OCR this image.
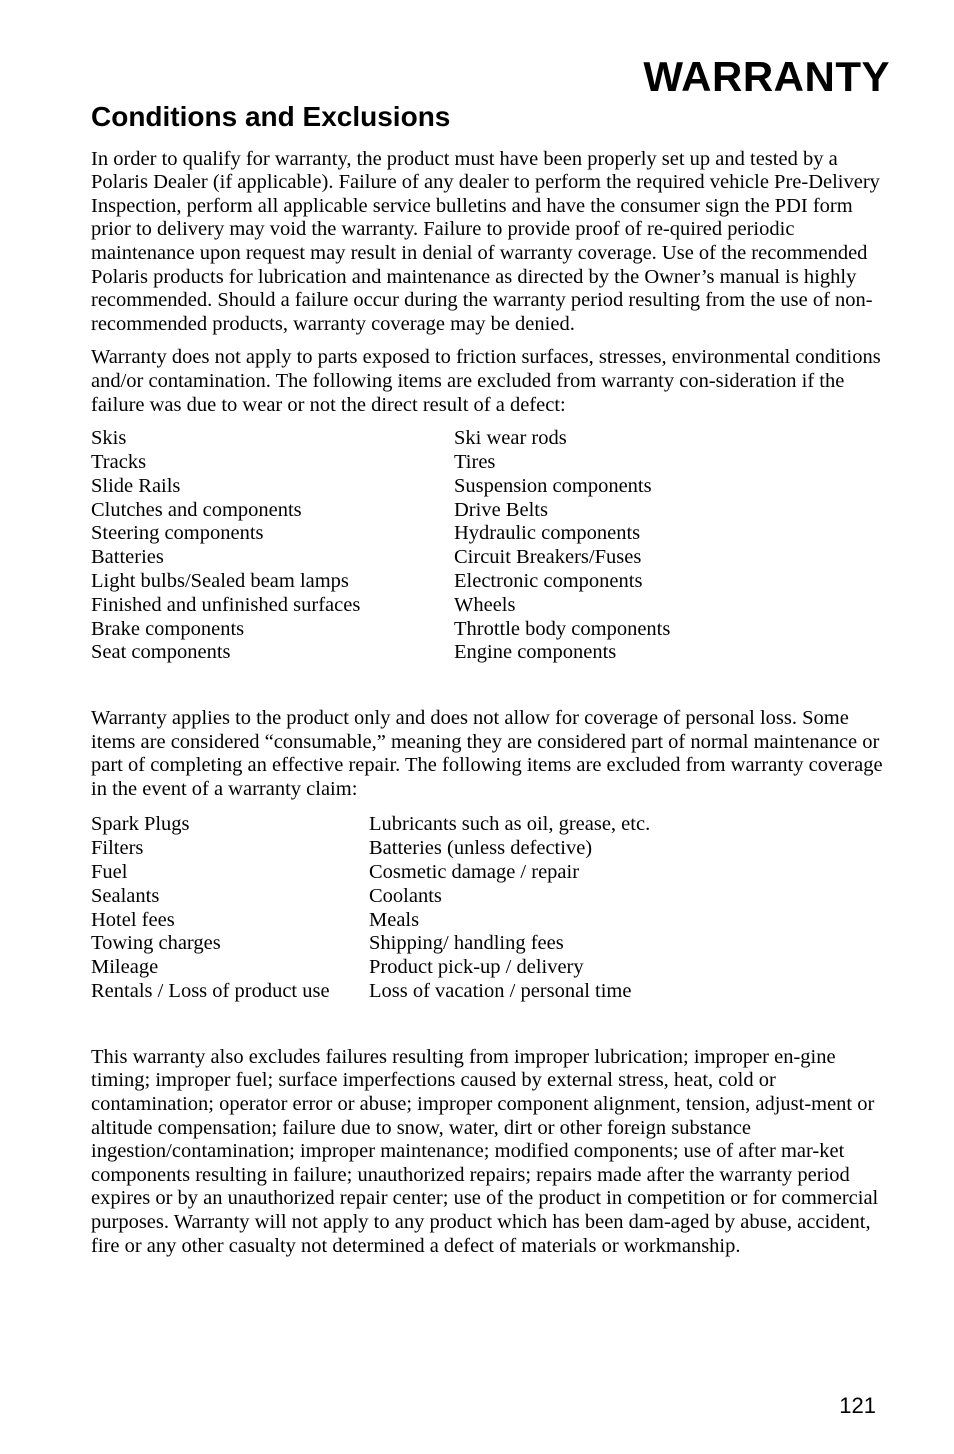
WARRANTY
Conditions and Exclusions

In order to qualify for warranty, the product must have been properly set up and tested by a Polaris Dealer (if applicable). Failure of any dealer to perform the required vehicle Pre-Delivery Inspection, perform all applicable service bulletins and have the consumer sign the PDI form prior to delivery may void the warranty. Failure to provide proof of re-quired periodic maintenance upon request may result in denial of warranty coverage. Use of the recommended Polaris products for lubrication and maintenance as directed by the Owner’s manual is highly recommended. Should a failure occur during the warranty period resulting from the use of non-recommended products, warranty coverage may be denied.

Warranty does not apply to parts exposed to friction surfaces, stresses, environmental conditions and/or contamination. The following items are excluded from warranty con-sideration if the failure was due to wear or not the direct result of a defect:

Skis	Ski wear rods
Tracks	Tires
Slide Rails	Suspension components
Clutches and components	Drive Belts
Steering components	Hydraulic components
Batteries	Circuit Breakers/Fuses
Light bulbs/Sealed beam lamps	Electronic components
Finished and unfinished surfaces	Wheels
Brake components	Throttle body components
Seat components	Engine components

Warranty applies to the product only and does not allow for coverage of personal loss. Some items are considered “consumable,” meaning they are considered part of normal maintenance or part of completing an effective repair. The following items are excluded from warranty coverage in the event of a warranty claim:

Spark Plugs	Lubricants such as oil, grease, etc.
Filters	Batteries (unless defective)
Fuel	Cosmetic damage / repair
Sealants	Coolants
Hotel fees	Meals
Towing charges	Shipping/ handling fees
Mileage	Product pick-up / delivery
Rentals / Loss of product use	Loss of vacation / personal time

This warranty also excludes failures resulting from improper lubrication; improper en-gine timing; improper fuel; surface imperfections caused by external stress, heat, cold or contamination; operator error or abuse; improper component alignment, tension, adjust-ment or altitude compensation; failure due to snow, water, dirt or other foreign substance ingestion/contamination; improper maintenance; modified components; use of after mar-ket components resulting in failure; unauthorized repairs; repairs made after the warranty period expires or by an unauthorized repair center; use of the product in competition or for commercial purposes. Warranty will not apply to any product which has been dam-aged by abuse, accident, fire or any other casualty not determined a defect of materials or workmanship.

121
